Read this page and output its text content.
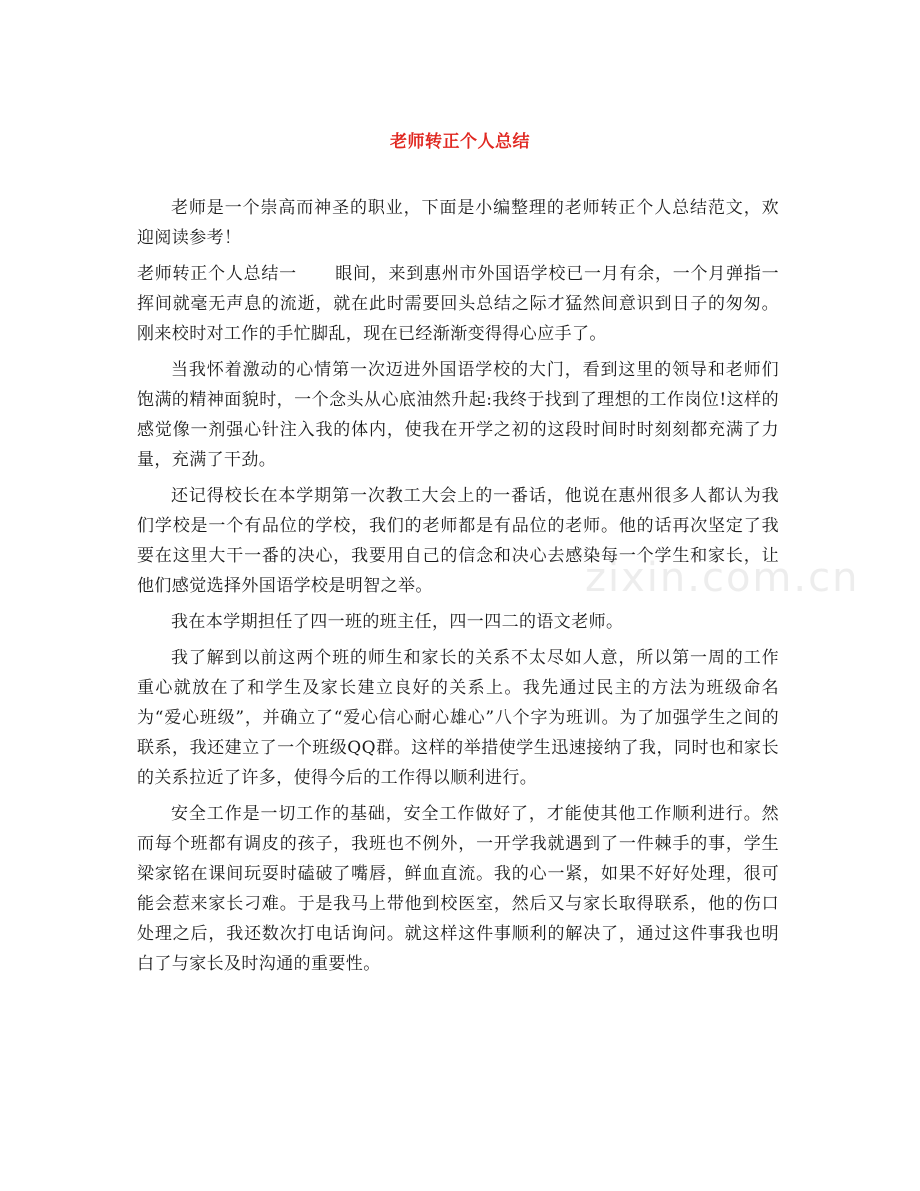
老师转正个人总结

老师是一个崇高而神圣的职业，下面是小编整理的老师转正个人总结范文，欢迎阅读参考！

老师转正个人总结一 眼间，来到惠州市外国语学校已一月有余，一个月弹指一挥间就毫无声息的流逝，就在此时需要回头总结之际才猛然间意识到日子的匆匆。刚来校时对工作的手忙脚乱，现在已经渐渐变得得心应手了。

当我怀着激动的心情第一次迈进外国语学校的大门，看到这里的领导和老师们饱满的精神面貌时，一个念头从心底油然升起:我终于找到了理想的工作岗位!这样的感觉像一剂强心针注入我的体内，使我在开学之初的这段时间时时刻刻都充满了力量，充满了干劲。

还记得校长在本学期第一次教工大会上的一番话，他说在惠州很多人都认为我们学校是一个有品位的学校，我们的老师都是有品位的老师。他的话再次坚定了我要在这里大干一番的决心，我要用自己的信念和决心去感染每一个学生和家长，让他们感觉选择外国语学校是明智之举。

我在本学期担任了四一班的班主任，四一四二的语文老师。

我了解到以前这两个班的师生和家长的关系不太尽如人意，所以第一周的工作重心就放在了和学生及家长建立良好的关系上。我先通过民主的方法为班级命名为“爱心班级”，并确立了“爱心信心耐心雄心”八个字为班训。为了加强学生之间的联系，我还建立了一个班级QQ群。这样的举措使学生迅速接纳了我，同时也和家长的关系拉近了许多，使得今后的工作得以顺利进行。

安全工作是一切工作的基础，安全工作做好了，才能使其他工作顺利进行。然而每个班都有调皮的孩子，我班也不例外，一开学我就遇到了一件棘手的事，学生梁家铭在课间玩耍时磕破了嘴唇，鲜血直流。我的心一紧，如果不好好处理，很可能会惹来家长刁难。于是我马上带他到校医室，然后又与家长取得联系，他的伤口处理之后，我还数次打电话询问。就这样这件事顺利的解决了，通过这件事我也明白了与家长及时沟通的重要性。

zixin.com.cn
